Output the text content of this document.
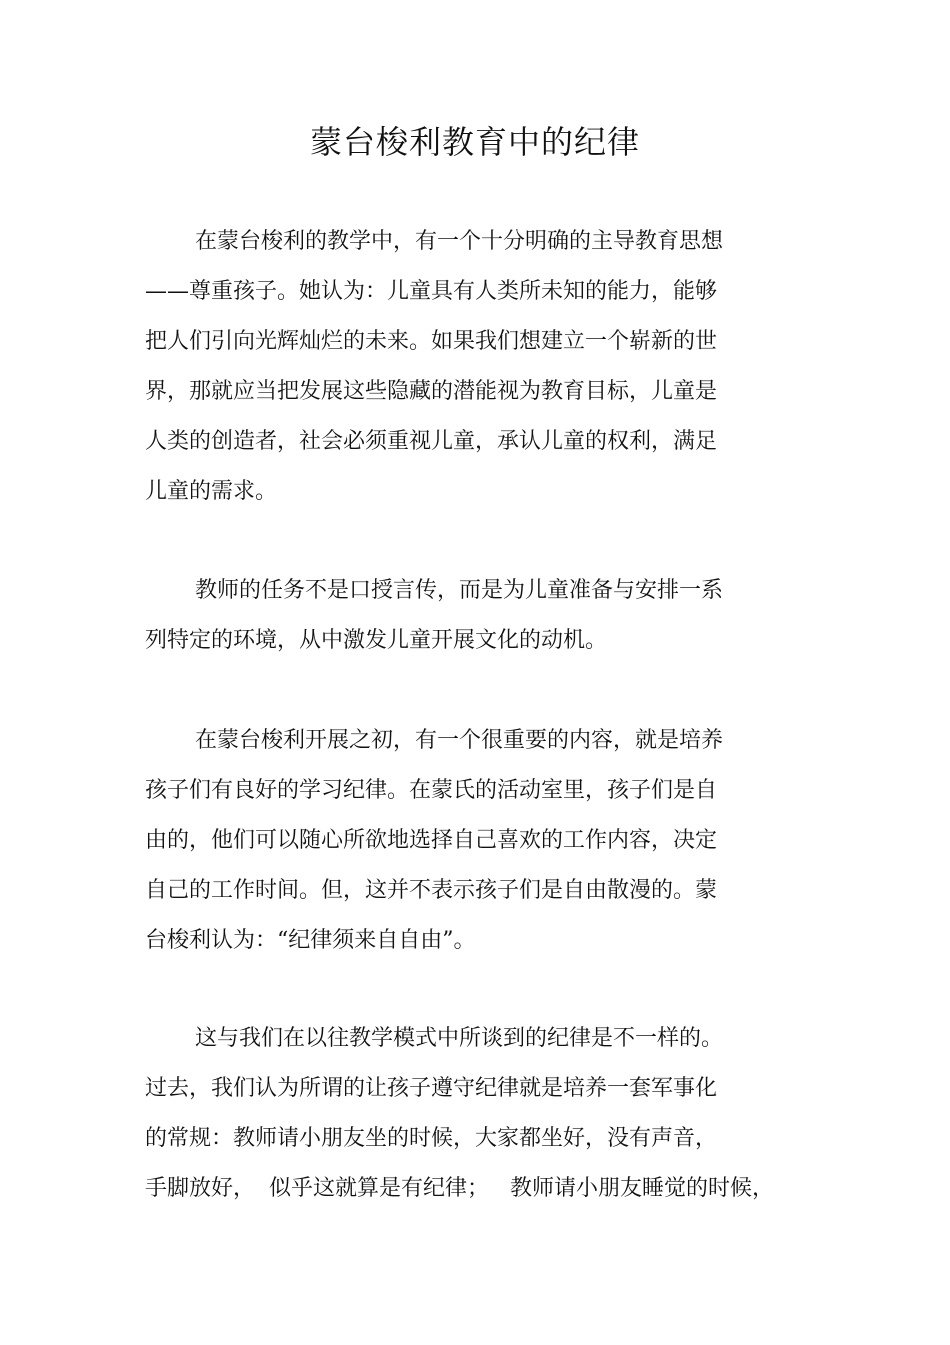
蒙台梭利教育中的纪律
在蒙台梭利的教学中，有一个十分明确的主导教育思想
——尊重孩子。她认为：儿童具有人类所未知的能力，能够
把人们引向光辉灿烂的未来。如果我们想建立一个崭新的世
界，那就应当把发展这些隐藏的潜能视为教育目标，儿童是
人类的创造者，社会必须重视儿童，承认儿童的权利，满足
儿童的需求。
教师的任务不是口授言传，而是为儿童准备与安排一系
列特定的环境，从中激发儿童开展文化的动机。
在蒙台梭利开展之初，有一个很重要的内容，就是培养
孩子们有良好的学习纪律。在蒙氏的活动室里，孩子们是自
由的，他们可以随心所欲地选择自己喜欢的工作内容，决定
自己的工作时间。但，这并不表示孩子们是自由散漫的。蒙
台梭利认为：“纪律须来自自由”。
这与我们在以往教学模式中所谈到的纪律是不一样的。
过去，我们认为所谓的让孩子遵守纪律就是培养一套军事化
的常规：教师请小朋友坐的时候，大家都坐好，没有声音，
手脚放好，  似乎这就算是有纪律；   教师请小朋友睡觉的时候，
